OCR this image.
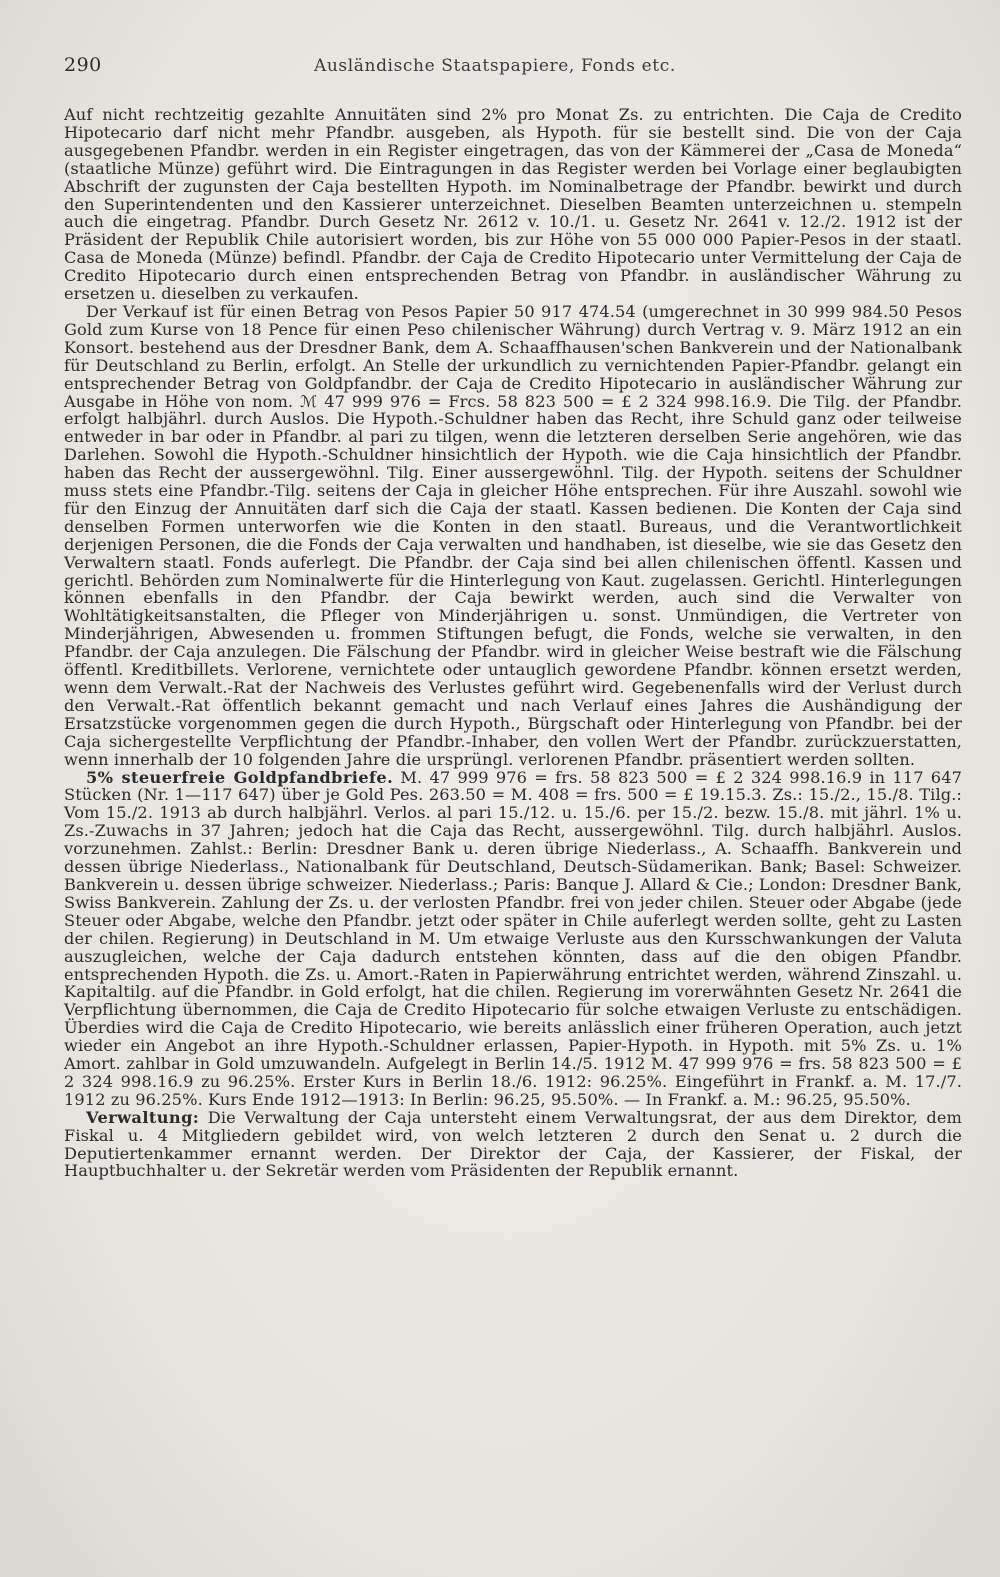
290	Ausländische Staatspapiere, Fonds etc.

Auf nicht rechtzeitig gezahlte Annuitäten sind 2% pro Monat Zs. zu entrichten. Die Caja de Credito Hipotecario darf nicht mehr Pfandbr. ausgeben, als Hypoth. für sie bestellt sind. Die von der Caja ausgegebenen Pfandbr. werden in ein Register eingetragen, das von der Kämmerei der „Casa de Moneda“ (staatliche Münze) geführt wird. Die Eintragungen in das Register werden bei Vorlage einer beglaubigten Abschrift der zugunsten der Caja bestellten Hypoth. im Nominalbetrage der Pfandbr. bewirkt und durch den Superintendenten und den Kassierer unterzeichnet. Dieselben Beamten unterzeichnen u. stempeln auch die eingetrag. Pfandbr. Durch Gesetz Nr. 2612 v. 10./1. u. Gesetz Nr. 2641 v. 12./2. 1912 ist der Präsident der Republik Chile autorisiert worden, bis zur Höhe von 55 000 000 Papier-Pesos in der staatl. Casa de Moneda (Münze) befindl. Pfandbr. der Caja de Credito Hipotecario unter Vermittelung der Caja de Credito Hipotecario durch einen entsprechenden Betrag von Pfandbr. in ausländischer Währung zu ersetzen u. dieselben zu verkaufen.

Der Verkauf ist für einen Betrag von Pesos Papier 50 917 474.54 (umgerechnet in 30 999 984.50 Pesos Gold zum Kurse von 18 Pence für einen Peso chilenischer Währung) durch Vertrag v. 9. März 1912 an ein Konsort. bestehend aus der Dresdner Bank, dem A. Schaaffhausen'schen Bankverein und der Nationalbank für Deutschland zu Berlin, erfolgt. An Stelle der urkundlich zu vernichtenden Papier-Pfandbr. gelangt ein entsprechender Betrag von Goldpfandbr. der Caja de Credito Hipotecario in ausländischer Währung zur Ausgabe in Höhe von nom. ℳ 47 999 976 = Frcs. 58 823 500 = £ 2 324 998.16.9. Die Tilg. der Pfandbr. erfolgt halbjährl. durch Auslos. Die Hypoth.-Schuldner haben das Recht, ihre Schuld ganz oder teilweise entweder in bar oder in Pfandbr. al pari zu tilgen, wenn die letzteren derselben Serie angehören, wie das Darlehen. Sowohl die Hypoth.-Schuldner hinsichtlich der Hypoth. wie die Caja hinsichtlich der Pfandbr. haben das Recht der aussergewöhnl. Tilg. Einer aussergewöhnl. Tilg. der Hypoth. seitens der Schuldner muss stets eine Pfandbr.-Tilg. seitens der Caja in gleicher Höhe entsprechen. Für ihre Auszahl. sowohl wie für den Einzug der Annuitäten darf sich die Caja der staatl. Kassen bedienen. Die Konten der Caja sind denselben Formen unterworfen wie die Konten in den staatl. Bureaus, und die Verantwortlichkeit derjenigen Personen, die die Fonds der Caja verwalten und handhaben, ist dieselbe, wie sie das Gesetz den Verwaltern staatl. Fonds auferlegt. Die Pfandbr. der Caja sind bei allen chilenischen öffentl. Kassen und gerichtl. Behörden zum Nominalwerte für die Hinterlegung von Kaut. zugelassen. Gerichtl. Hinterlegungen können ebenfalls in den Pfandbr. der Caja bewirkt werden, auch sind die Verwalter von Wohltätigkeitsanstalten, die Pfleger von Minderjährigen u. sonst. Unmündigen, die Vertreter von Minderjährigen, Abwesenden u. frommen Stiftungen befugt, die Fonds, welche sie verwalten, in den Pfandbr. der Caja anzulegen. Die Fälschung der Pfandbr. wird in gleicher Weise bestraft wie die Fälschung öffentl. Kreditbillets. Verlorene, vernichtete oder untauglich gewordene Pfandbr. können ersetzt werden, wenn dem Verwalt.-Rat der Nachweis des Verlustes geführt wird. Gegebenenfalls wird der Verlust durch den Verwalt.-Rat öffentlich bekannt gemacht und nach Verlauf eines Jahres die Aushändigung der Ersatzstücke vorgenommen gegen die durch Hypoth., Bürgschaft oder Hinterlegung von Pfandbr. bei der Caja sichergestellte Verpflichtung der Pfandbr.-Inhaber, den vollen Wert der Pfandbr. zurückzuerstatten, wenn innerhalb der 10 folgenden Jahre die ursprüngl. verlorenen Pfandbr. präsentiert werden sollten.

5% steuerfreie Goldpfandbriefe. M. 47 999 976 = frs. 58 823 500 = £ 2 324 998.16.9 in 117 647 Stücken (Nr. 1—117 647) über je Gold Pes. 263.50 = M. 408 = frs. 500 = £ 19.15.3. Zs.: 15./2., 15./8. Tilg.: Vom 15./2. 1913 ab durch halbjährl. Verlos. al pari 15./12. u. 15./6. per 15./2. bezw. 15./8. mit jährl. 1% u. Zs.-Zuwachs in 37 Jahren; jedoch hat die Caja das Recht, aussergewöhnl. Tilg. durch halbjährl. Auslos. vorzunehmen. Zahlst.: Berlin: Dresdner Bank u. deren übrige Niederlass., A. Schaaffh. Bankverein und dessen übrige Niederlass., Nationalbank für Deutschland, Deutsch-Südamerikan. Bank; Basel: Schweizer. Bankverein u. dessen übrige schweizer. Niederlass.; Paris: Banque J. Allard & Cie.; London: Dresdner Bank, Swiss Bankverein. Zahlung der Zs. u. der verlosten Pfandbr. frei von jeder chilen. Steuer oder Abgabe (jede Steuer oder Abgabe, welche den Pfandbr. jetzt oder später in Chile auferlegt werden sollte, geht zu Lasten der chilen. Regierung) in Deutschland in M. Um etwaige Verluste aus den Kursschwankungen der Valuta auszugleichen, welche der Caja dadurch entstehen könnten, dass auf die den obigen Pfandbr. entsprechenden Hypoth. die Zs. u. Amort.-Raten in Papierwährung entrichtet werden, während Zinszahl. u. Kapitaltilg. auf die Pfandbr. in Gold erfolgt, hat die chilen. Regierung im vorerwähnten Gesetz Nr. 2641 die Verpflichtung übernommen, die Caja de Credito Hipotecario für solche etwaigen Verluste zu entschädigen. Überdies wird die Caja de Credito Hipotecario, wie bereits anlässlich einer früheren Operation, auch jetzt wieder ein Angebot an ihre Hypoth.-Schuldner erlassen, Papier-Hypoth. in Hypoth. mit 5% Zs. u. 1% Amort. zahlbar in Gold umzuwandeln. Aufgelegt in Berlin 14./5. 1912 M. 47 999 976 = frs. 58 823 500 = £ 2 324 998.16.9 zu 96.25%. Erster Kurs in Berlin 18./6. 1912: 96.25%. Eingeführt in Frankf. a. M. 17./7. 1912 zu 96.25%. Kurs Ende 1912—1913: In Berlin: 96.25, 95.50%. — In Frankf. a. M.: 96.25, 95.50%.

Verwaltung: Die Verwaltung der Caja untersteht einem Verwaltungsrat, der aus dem Direktor, dem Fiskal u. 4 Mitgliedern gebildet wird, von welch letzteren 2 durch den Senat u. 2 durch die Deputiertenkammer ernannt werden. Der Direktor der Caja, der Kassierer, der Fiskal, der Hauptbuchhalter u. der Sekretär werden vom Präsidenten der Republik ernannt.
